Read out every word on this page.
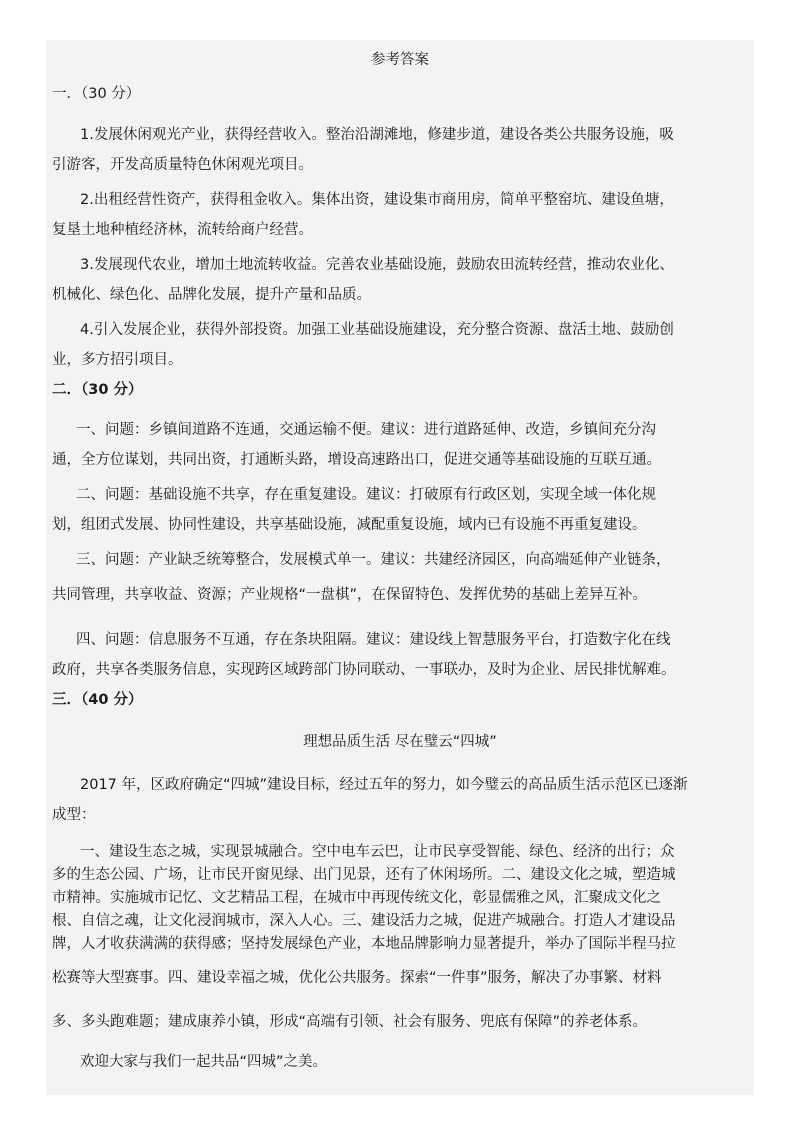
参考答案
一．（30 分）
1.发展休闲观光产业，获得经营收入。整治沿湖滩地，修建步道，建设各类公共服务设施，吸
引游客，开发高质量特色休闲观光项目。
2.出租经营性资产，获得租金收入。集体出资，建设集市商用房，简单平整窑坑、建设鱼塘，
复垦土地种植经济林，流转给商户经营。
3.发展现代农业，增加土地流转收益。完善农业基础设施，鼓励农田流转经营，推动农业化、
机械化、绿色化、品牌化发展，提升产量和品质。
4.引入发展企业，获得外部投资。加强工业基础设施建设，充分整合资源、盘活土地、鼓励创
业，多方招引项目。
二．（30 分）
一、问题：乡镇间道路不连通，交通运输不便。建议：进行道路延伸、改造，乡镇间充分沟
通，全方位谋划，共同出资，打通断头路，增设高速路出口，促进交通等基础设施的互联互通。
二、问题：基础设施不共享，存在重复建设。建议：打破原有行政区划，实现全域一体化规
划，组团式发展、协同性建设，共享基础设施，减配重复设施，域内已有设施不再重复建设。
三、问题：产业缺乏统筹整合，发展模式单一。建议：共建经济园区，向高端延伸产业链条，
共同管理，共享收益、资源；产业规格“一盘棋”，在保留特色、发挥优势的基础上差异互补。
四、问题：信息服务不互通，存在条块阻隔。建议：建设线上智慧服务平台，打造数字化在线
政府，共享各类服务信息，实现跨区域跨部门协同联动、一事联办，及时为企业、居民排忧解难。
三．（40 分）
理想品质生活 尽在璧云“四城”
2017 年，区政府确定“四城”建设目标，经过五年的努力，如今璧云的高品质生活示范区已逐渐
成型：
一、建设生态之城，实现景城融合。空中电车云巴，让市民享受智能、绿色、经济的出行；众
多的生态公园、广场，让市民开窗见绿、出门见景，还有了休闲场所。二、建设文化之城，塑造城
市精神。实施城市记忆、文艺精品工程，在城市中再现传统文化，彰显儒雅之风，汇聚成文化之
根、自信之魂，让文化浸润城市，深入人心。三、建设活力之城，促进产城融合。打造人才建设品
牌，人才收获满满的获得感；坚持发展绿色产业，本地品牌影响力显著提升，举办了国际半程马拉
松赛等大型赛事。四、建设幸福之城，优化公共服务。探索“一件事”服务，解决了办事繁、材料
多、多头跑难题；建成康养小镇，形成“高端有引领、社会有服务、兜底有保障”的养老体系。
欢迎大家与我们一起共品“四城”之美。
